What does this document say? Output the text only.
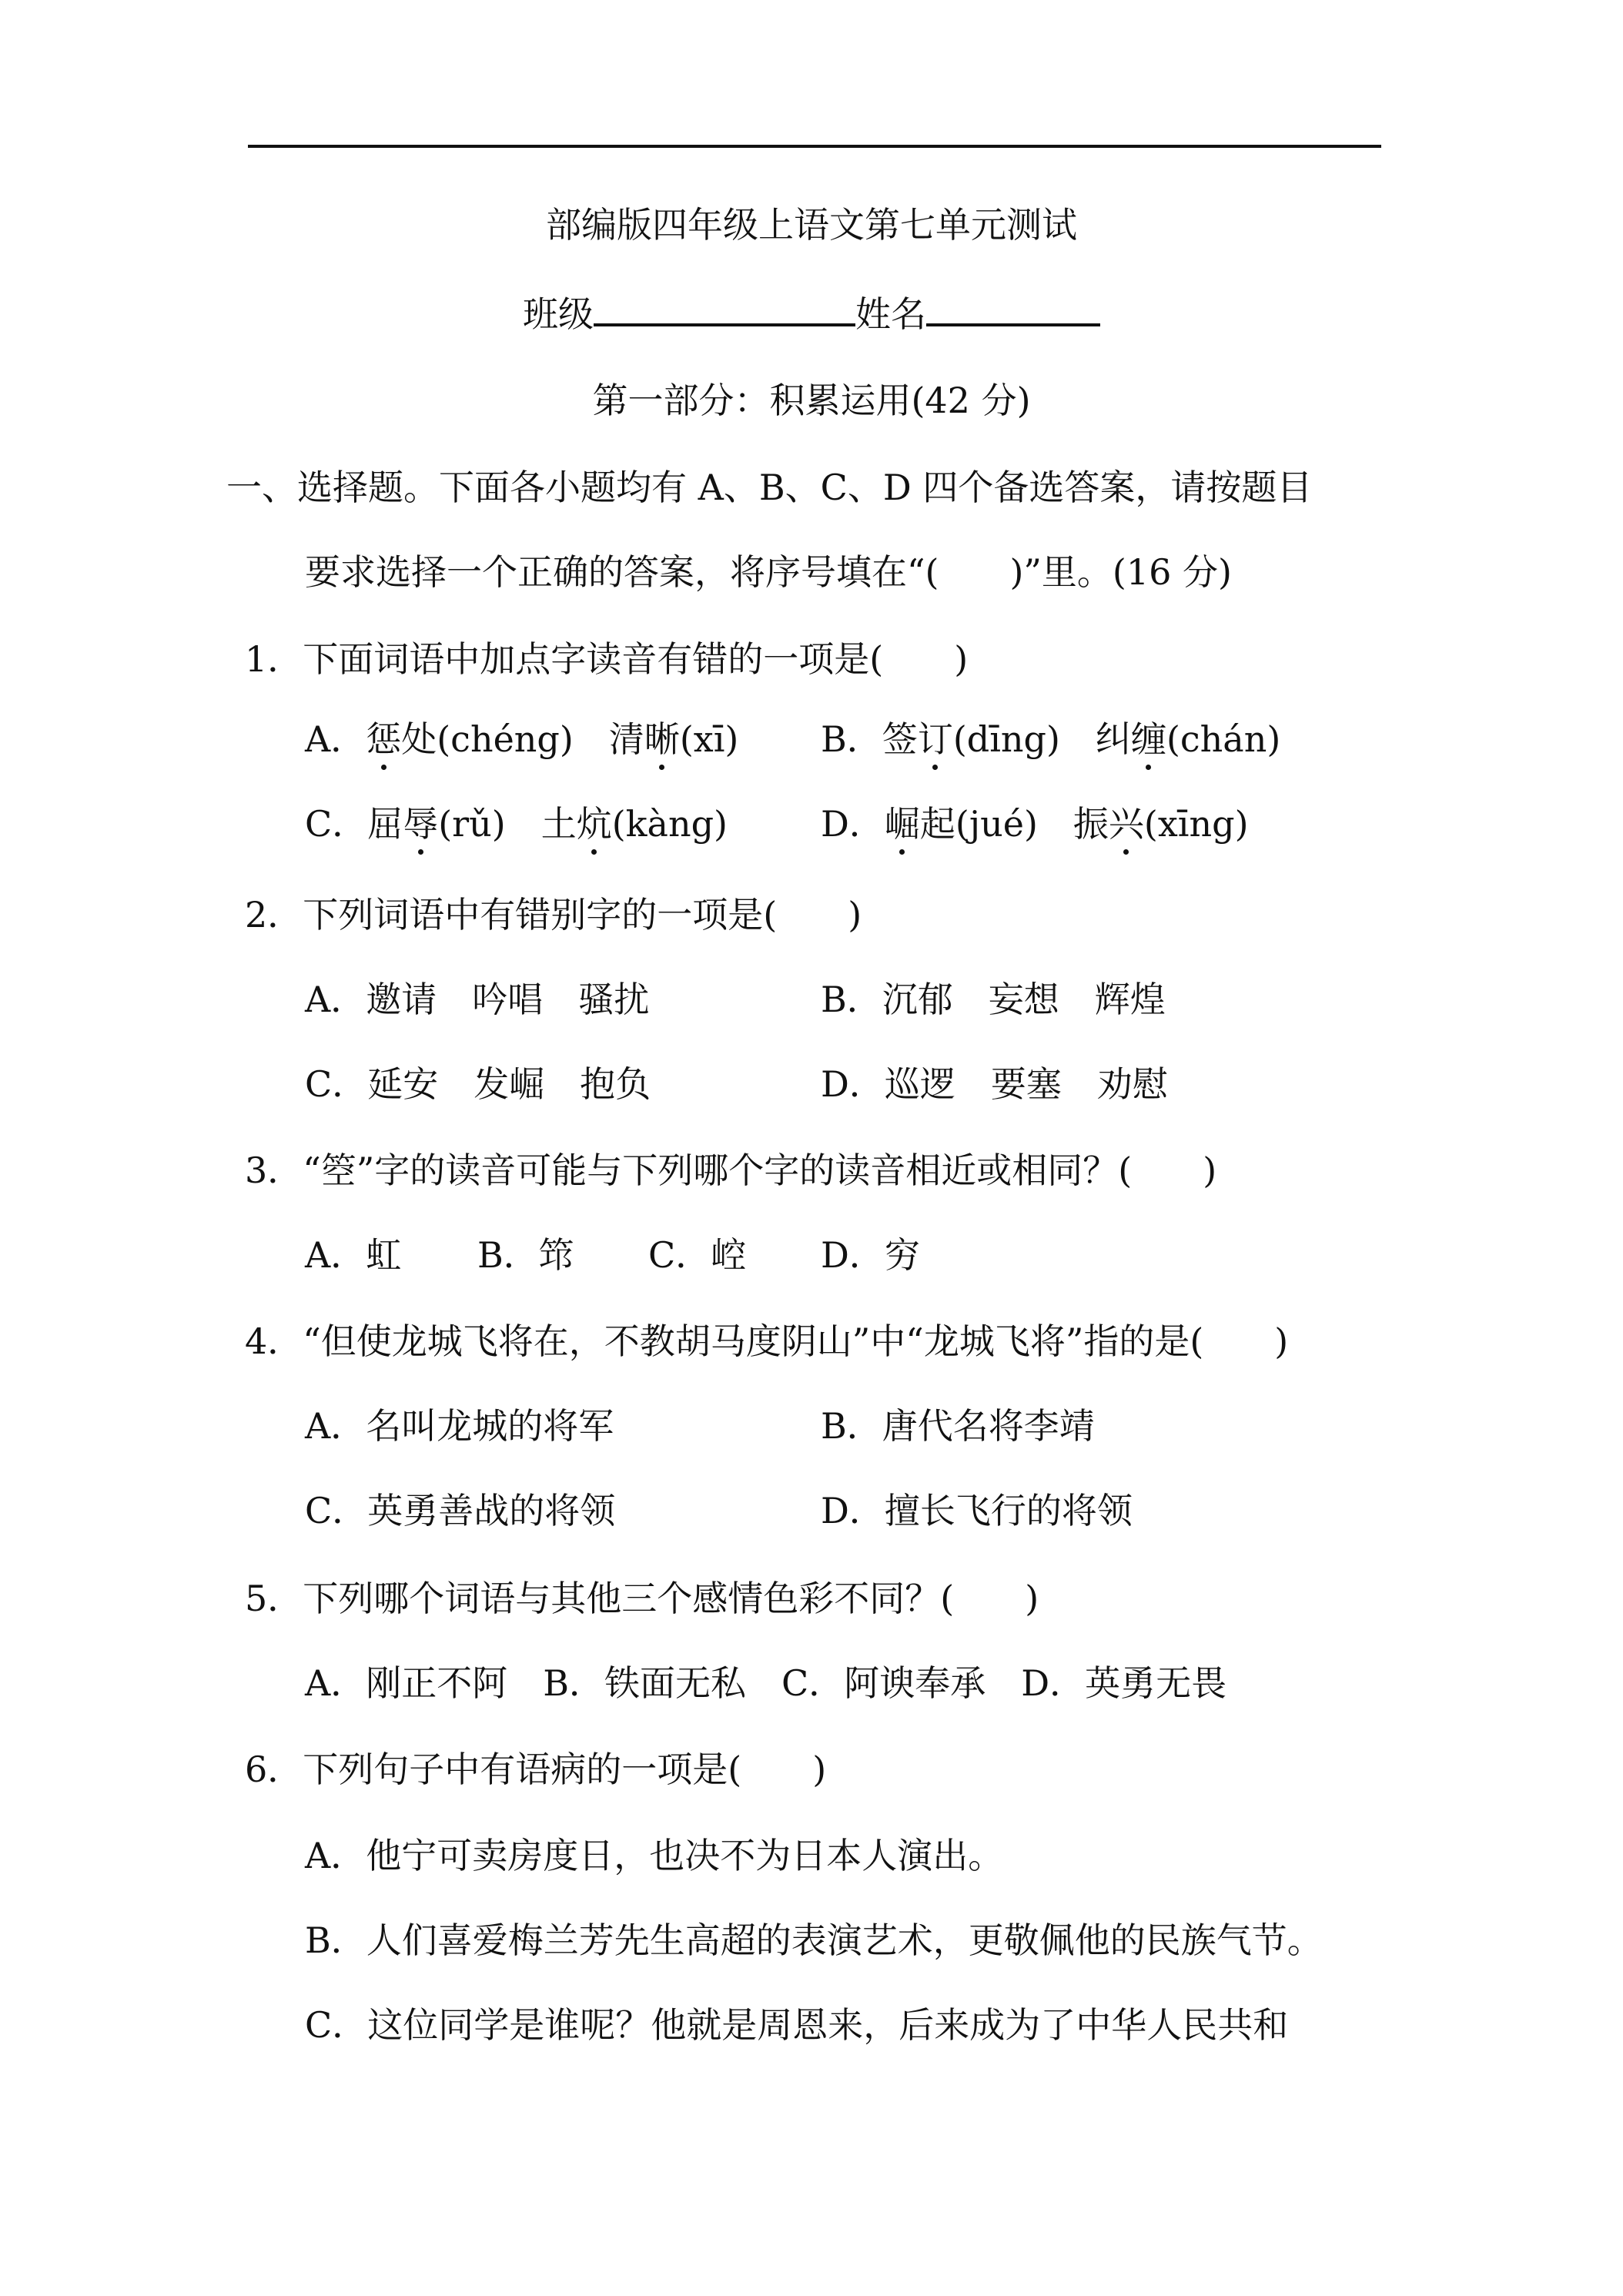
部编版四年级上语文第七单元测试
班级	姓名
第一部分：积累运用(42 分)
一、选择题。下面各小题均有 A、B、C、D 四个备选答案，请按题目
要求选择一个正确的答案，将序号填在“(　　)”里。(16 分)
1．下面词语中加点字读音有错的一项是(　　)
A．惩处(chéng)　清晰(xī) B．签订(dīng)　纠缠(chán)
C．屈辱(rǔ)　土炕(kàng)	D．崛起(jué)　振兴(xīng)
2．下列词语中有错别字的一项是(　　)
A．邀请　吟唱　骚扰	B．沉郁　妄想　辉煌
C．延安　发崛　抱负	D．巡逻　要塞　劝慰
3．“箜”字的读音可能与下列哪个字的读音相近或相同？(　　)
A．虹 B．筇 C．崆 D．穷
4．“但使龙城飞将在，不教胡马度阴山”中“龙城飞将”指的是(　　)
A．名叫龙城的将军	B．唐代名将李靖
C．英勇善战的将领	D．擅长飞行的将领
5．下列哪个词语与其他三个感情色彩不同？(　　)
A．刚正不阿　B．铁面无私　C．阿谀奉承　D．英勇无畏
6．下列句子中有语病的一项是(　　)
A．他宁可卖房度日，也决不为日本人演出。
B．人们喜爱梅兰芳先生高超的表演艺术，更敬佩他的民族气节。
C．这位同学是谁呢？他就是周恩来，后来成为了中华人民共和
